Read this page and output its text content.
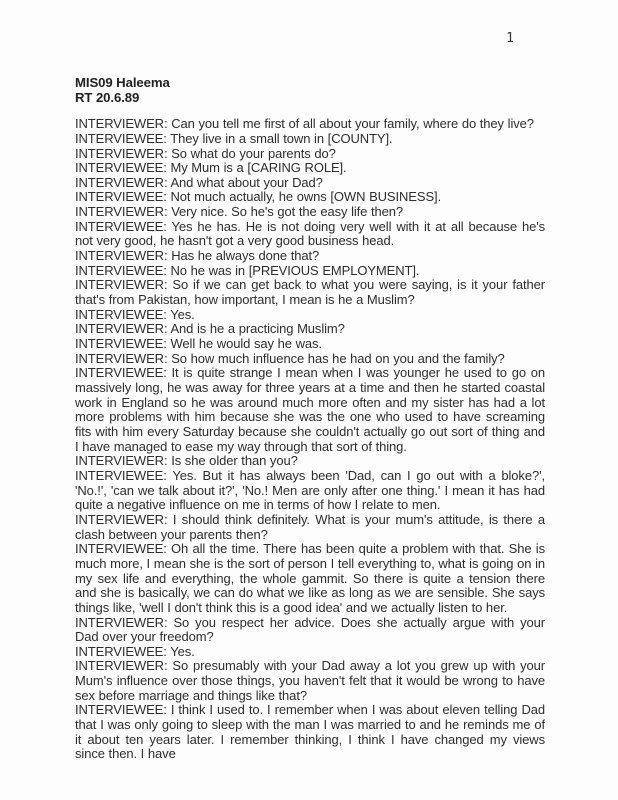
1
MIS09 Haleema
RT 20.6.89

INTERVIEWER: Can you tell me first of all about your family, where do they live?

INTERVIEWEE: They live in a small town in [COUNTY].

INTERVIEWER: So what do your parents do?

INTERVIEWEE: My Mum is a [CARING ROLE].

INTERVIEWER: And what about your Dad?

INTERVIEWEE: Not much actually, he owns [OWN BUSINESS].

INTERVIEWER: Very nice. So he's got the easy life then?

INTERVIEWEE: Yes he has. He is not doing very well with it at all because he's not very good, he hasn't got a very good business head.

INTERVIEWER: Has he always done that?

INTERVIEWEE: No he was in [PREVIOUS EMPLOYMENT].

INTERVIEWER: So if we can get back to what you were saying, is it your father that's from Pakistan, how important, I mean is he a Muslim?

INTERVIEWEE: Yes.

INTERVIEWER: And is he a practicing Muslim?

INTERVIEWEE: Well he would say he was.

INTERVIEWER: So how much influence has he had on you and the family?

INTERVIEWEE: It is quite strange I mean when I was younger he used to go on massively long, he was away for three years at a time and then he started coastal work in England so he was around much more often and my sister has had a lot more problems with him because she was the one who used to have screaming fits with him every Saturday because she couldn't actually go out sort of thing and I have managed to ease my way through that sort of thing.

INTERVIEWER: Is she older than you?

INTERVIEWEE: Yes. But it has always been 'Dad, can I go out with a bloke?', 'No.!', 'can we talk about it?', 'No.! Men are only after one thing.' I mean it has had quite a negative influence on me in terms of how I relate to men.

INTERVIEWER: I should think definitely. What is your mum's attitude, is there a clash between your parents then?

INTERVIEWEE: Oh all the time. There has been quite a problem with that. She is much more, I mean she is the sort of person I tell everything to, what is going on in my sex life and everything, the whole gammit. So there is quite a tension there and she is basically, we can do what we like as long as we are sensible. She says things like, 'well I don't think this is a good idea' and we actually listen to her.

INTERVIEWER: So you respect her advice. Does she actually argue with your Dad over your freedom?

INTERVIEWEE: Yes.

INTERVIEWER: So presumably with your Dad away a lot you grew up with your Mum's influence over those things, you haven't felt that it would be wrong to have sex before marriage and things like that?

INTERVIEWEE: I think I used to. I remember when I was about eleven telling Dad that I was only going to sleep with the man I was married to and he reminds me of it about ten years later. I remember thinking, I think I have changed my views since then. I have
